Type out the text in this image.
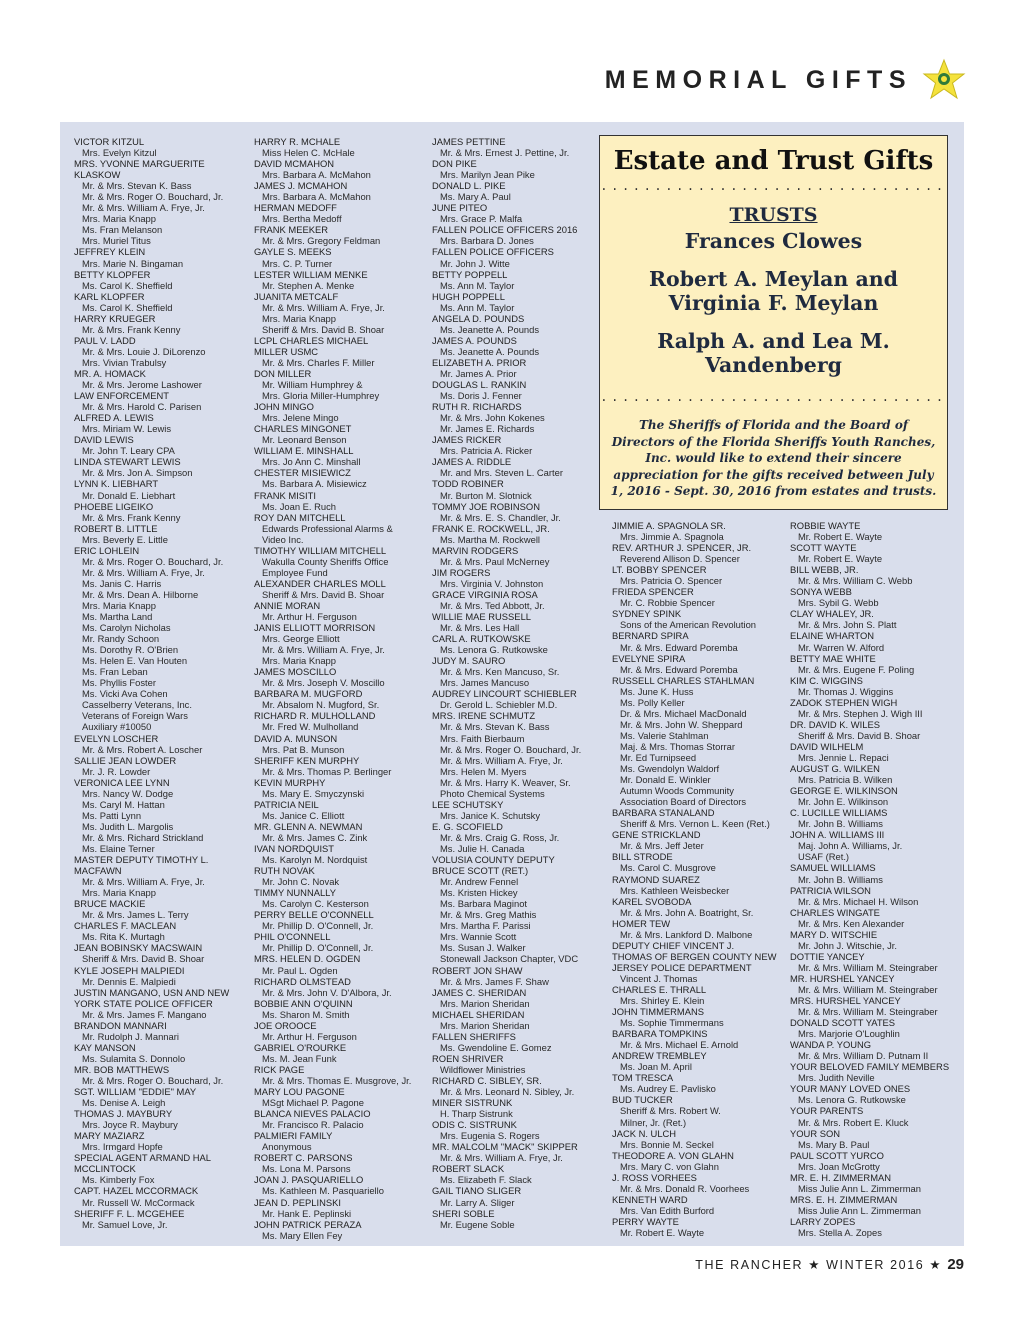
MEMORIAL GIFTS
VICTOR KITZUL
Mrs. Evelyn Kitzul
MRS. YVONNE MARGUERITE
KLASKOW
Mr. & Mrs. Stevan K. Bass
Mr. & Mrs. Roger O. Bouchard, Jr.
Mr. & Mrs. William A. Frye, Jr.
Mrs. Maria Knapp
Ms. Fran Melanson
Mrs. Muriel Titus
JEFFREY KLEIN
Mrs. Marie N. Bingaman
BETTY KLOPFER
Ms. Carol K. Sheffield
KARL KLOPFER
Ms. Carol K. Sheffield
HARRY KRUEGER
Mr. & Mrs. Frank Kenny
PAUL V. LADD
Mr. & Mrs. Louie J. DiLorenzo
Mrs. Vivian Trabulsy
MR. A. HOMACK
Mr. & Mrs. Jerome Lashower
LAW ENFORCEMENT
Mr. & Mrs. Harold C. Parisen
ALFRED A. LEWIS
Mrs. Miriam W. Lewis
DAVID LEWIS
Mr. John T. Leary CPA
LINDA STEWART LEWIS
Mr. & Mrs. Jon A. Simpson
LYNN K. LIEBHART
Mr. Donald E. Liebhart
PHOEBE LIGEIKO
Mr. & Mrs. Frank Kenny
ROBERT B. LITTLE
Mrs. Beverly E. Little
ERIC LOHLEIN
Mr. & Mrs. Roger O. Bouchard, Jr.
Mr. & Mrs. William A. Frye, Jr.
Ms. Janis C. Harris
Mr. & Mrs. Dean A. Hilborne
Mrs. Maria Knapp
Ms. Martha Land
Ms. Carolyn Nicholas
Mr. Randy Schoon
Ms. Dorothy R. O'Brien
Ms. Helen E. Van Houten
Ms. Fran Leban
Ms. Phyllis Foster
Ms. Vicki Ava Cohen
Casselberry Veterans, Inc.
Veterans of Foreign Wars
Auxiliary #10050
EVELYN LOSCHER
Mr. & Mrs. Robert A. Loscher
SALLIE JEAN LOWDER
Mr. J. R. Lowder
VERONICA LEE LYNN
Mrs. Nancy W. Dodge
Ms. Caryl M. Hattan
Ms. Patti Lynn
Ms. Judith L. Margolis
Mr. & Mrs. Richard Strickland
Ms. Elaine Terner
MASTER DEPUTY TIMOTHY L.
MACFAWN
Mr. & Mrs. William A. Frye, Jr.
Mrs. Maria Knapp
BRUCE MACKIE
Mr. & Mrs. James L. Terry
CHARLES F. MACLEAN
Ms. Rita K. Murtagh
JEAN BOBINSKY MACSWAIN
Sheriff & Mrs. David B. Shoar
KYLE JOSEPH MALPIEDI
Mr. Dennis E. Malpiedi
JUSTIN MANGANO, USN AND NEW
YORK STATE POLICE OFFICER
Mr. & Mrs. James F. Mangano
BRANDON MANNARI
Mr. Rudolph J. Mannari
KAY MANSON
Ms. Sulamita S. Donnolo
MR. BOB MATTHEWS
Mr. & Mrs. Roger O. Bouchard, Jr.
SGT. WILLIAM "EDDIE" MAY
Ms. Denise A. Leigh
THOMAS J. MAYBURY
Mrs. Joyce R. Maybury
MARY MAZIARZ
Mrs. Irmgard Hopfe
SPECIAL AGENT ARMAND HAL
MCCLINTOCK
Ms. Kimberly Fox
CAPT. HAZEL MCCORMACK
Mr. Russell W. McCormack
SHERIFF F. L. MCGEHEE
Mr. Samuel Love, Jr.
HARRY R. MCHALE
Miss Helen C. McHale
DAVID MCMAHON
Mrs. Barbara A. McMahon
JAMES J. MCMAHON
Mrs. Barbara A. McMahon
HERMAN MEDOFF
Mrs. Bertha Medoff
FRANK MEEKER
Mr. & Mrs. Gregory Feldman
GAYLE S. MEEKS
Mrs. C. P. Turner
LESTER WILLIAM MENKE
Mr. Stephen A. Menke
JUANITA METCALF
Mr. & Mrs. William A. Frye, Jr.
Mrs. Maria Knapp
Sheriff & Mrs. David B. Shoar
LCPL CHARLES MICHAEL
MILLER USMC
Mr. & Mrs. Charles F. Miller
DON MILLER
Mr. William Humphrey &
Mrs. Gloria Miller-Humphrey
JOHN MINGO
Mrs. Jelene Mingo
CHARLES MINGONET
Mr. Leonard Benson
WILLIAM E. MINSHALL
Mrs. Jo Ann C. Minshall
CHESTER MISIEWICZ
Ms. Barbara A. Misiewicz
FRANK MISITI
Ms. Joan E. Ruch
ROY DAN MITCHELL
Edwards Professional Alarms &
Video Inc.
TIMOTHY WILLIAM MITCHELL
Wakulla County Sheriffs Office
Employee Fund
ALEXANDER CHARLES MOLL
Sheriff & Mrs. David B. Shoar
ANNIE MORAN
Mr. Arthur H. Ferguson
JANIS ELLIOTT MORRISON
Mrs. George Elliott
Mr. & Mrs. William A. Frye, Jr.
Mrs. Maria Knapp
JAMES MOSCILLO
Mr. & Mrs. Joseph V. Moscillo
BARBARA M. MUGFORD
Mr. Absalom N. Mugford, Sr.
RICHARD R. MULHOLLAND
Mr. Fred W. Mulholland
DAVID A. MUNSON
Mrs. Pat B. Munson
SHERIFF KEN MURPHY
Mr. & Mrs. Thomas P. Berlinger
KEVIN MURPHY
Ms. Mary E. Smyczynski
PATRICIA NEIL
Ms. Janice C. Elliott
MR. GLENN A. NEWMAN
Mr. & Mrs. James C. Zink
IVAN NORDQUIST
Ms. Karolyn M. Nordquist
RUTH NOVAK
Mr. John C. Novak
TIMMY NUNNALLY
Ms. Carolyn C. Kesterson
PERRY BELLE O'CONNELL
Mr. Phillip D. O'Connell, Jr.
PHIL O'CONNELL
Mr. Phillip D. O'Connell, Jr.
MRS. HELEN D. OGDEN
Mr. Paul L. Ogden
RICHARD OLMSTEAD
Mr. & Mrs. John V. D'Albora, Jr.
BOBBIE ANN O'QUINN
Ms. Sharon M. Smith
JOE OROOCE
Mr. Arthur H. Ferguson
GABRIEL O'ROURKE
Ms. M. Jean Funk
RICK PAGE
Mr. & Mrs. Thomas E. Musgrove, Jr.
MARY LOU PAGONE
MSgt Michael P. Pagone
BLANCA NIEVES PALACIO
Mr. Francisco R. Palacio
PALMIERI FAMILY
Anonymous
ROBERT C. PARSONS
Ms. Lona M. Parsons
JOAN J. PASQUARIELLO
Ms. Kathleen M. Pasquariello
JEAN D. PEPLINSKI
Mr. Hank E. Peplinski
JOHN PATRICK PERAZA
Ms. Mary Ellen Fey
JAMES PETTINE
Mr. & Mrs. Ernest J. Pettine, Jr.
DON PIKE
Mrs. Marilyn Jean Pike
DONALD L. PIKE
Ms. Mary A. Paul
JUNE PITEO
Mrs. Grace P. Malfa
FALLEN POLICE OFFICERS 2016
Mrs. Barbara D. Jones
FALLEN POLICE OFFICERS
Mr. John J. Witte
BETTY POPPELL
Ms. Ann M. Taylor
HUGH POPPELL
Ms. Ann M. Taylor
ANGELA D. POUNDS
Ms. Jeanette A. Pounds
JAMES A. POUNDS
Ms. Jeanette A. Pounds
ELIZABETH A. PRIOR
Mr. James A. Prior
DOUGLAS L. RANKIN
Ms. Doris J. Fenner
RUTH R. RICHARDS
Mr. & Mrs. John Kokenes
Mr. James E. Richards
JAMES RICKER
Mrs. Patricia A. Ricker
JAMES A. RIDDLE
Mr. and Mrs. Steven L. Carter
TODD ROBINER
Mr. Burton M. Slotnick
TOMMY JOE ROBINSON
Mr. & Mrs. E. S. Chandler, Jr.
FRANK E. ROCKWELL, JR.
Ms. Martha M. Rockwell
MARVIN RODGERS
Mr. & Mrs. Paul McNerney
JIM ROGERS
Mrs. Virginia V. Johnston
GRACE VIRGINIA ROSA
Mr. & Mrs. Ted Abbott, Jr.
WILLIE MAE RUSSELL
Mr. & Mrs. Les Hall
CARL A. RUTKOWSKE
Ms. Lenora G. Rutkowske
JUDY M. SAURO
Mr. & Mrs. Ken Mancuso, Sr.
Mrs. James Mancuso
AUDREY LINCOURT SCHIEBLER
Dr. Gerold L. Schiebler M.D.
MRS. IRENE SCHMUTZ
Mr. & Mrs. Stevan K. Bass
Mrs. Faith Bierbaum
Mr. & Mrs. Roger O. Bouchard, Jr.
Mr. & Mrs. William A. Frye, Jr.
Mrs. Helen M. Myers
Mr. & Mrs. Harry K. Weaver, Sr.
Photo Chemical Systems
LEE SCHUTSKY
Mrs. Janice K. Schutsky
E. G. SCOFIELD
Mr. & Mrs. Craig G. Ross, Jr.
Ms. Julie H. Canada
VOLUSIA COUNTY DEPUTY
BRUCE SCOTT (RET.)
Mr. Andrew Fennel
Ms. Kristen Hickey
Ms. Barbara Maginot
Mr. & Mrs. Greg Mathis
Mrs. Martha F. Parissi
Mrs. Wannie Scott
Ms. Susan J. Walker
Stonewall Jackson Chapter, VDC
ROBERT JON SHAW
Mr. & Mrs. James F. Shaw
JAMES C. SHERIDAN
Mrs. Marion Sheridan
MICHAEL SHERIDAN
Mrs. Marion Sheridan
FALLEN SHERIFFS
Ms. Gwendoline E. Gomez
ROEN SHRIVER
Wildflower Ministries
RICHARD C. SIBLEY, SR.
Mr. & Mrs. Leonard N. Sibley, Jr.
MINER SISTRUNK
H. Tharp Sistrunk
ODIS C. SISTRUNK
Mrs. Eugenia S. Rogers
MR. MALCOLM "MACK" SKIPPER
Mr. & Mrs. William A. Frye, Jr.
ROBERT SLACK
Ms. Elizabeth F. Slack
GAIL TIANO SLIGER
Mr. Larry A. Sliger
SHERI SOBLE
Mr. Eugene Soble
Estate and Trust Gifts
................................
TRUSTS
Frances Clowes
Robert A. Meylan and Virginia F. Meylan
Ralph A. and Lea M. Vandenberg
................................
The Sheriffs of Florida and the Board of Directors of the Florida Sheriffs Youth Ranches, Inc. would like to extend their sincere appreciation for the gifts received between July 1, 2016 - Sept. 30, 2016 from estates and trusts.
JIMMIE A. SPAGNOLA SR.
Mrs. Jimmie A. Spagnola
REV. ARTHUR J. SPENCER, JR.
Reverend Allison D. Spencer
LT. BOBBY SPENCER
Mrs. Patricia O. Spencer
FRIEDA SPENCER
Mr. C. Robbie Spencer
SYDNEY SPINK
Sons of the American Revolution
BERNARD SPIRA
Mr. & Mrs. Edward Poremba
EVELYNE SPIRA
Mr. & Mrs. Edward Poremba
RUSSELL CHARLES STAHLMAN
Ms. June K. Huss
Ms. Polly Keller
Dr. & Mrs. Michael MacDonald
Mr. & Mrs. John W. Sheppard
Ms. Valerie Stahlman
Maj. & Mrs. Thomas Storrar
Mr. Ed Turnipseed
Ms. Gwendolyn Waldorf
Mr. Donald E. Winkler
Autumn Woods Community
Association Board of Directors
BARBARA STANALAND
Sheriff & Mrs. Vernon L. Keen (Ret.)
GENE STRICKLAND
Mr. & Mrs. Jeff Jeter
BILL STRODE
Ms. Carol C. Musgrove
RAYMOND SUAREZ
Mrs. Kathleen Weisbecker
KAREL SVOBODA
Mr. & Mrs. John A. Boatright, Sr.
HOMER TEW
Mr. & Mrs. Lankford D. Malbone
DEPUTY CHIEF VINCENT J.
THOMAS OF BERGEN COUNTY NEW
JERSEY POLICE DEPARTMENT
Vincent J. Thomas
CHARLES E. THRALL
Mrs. Shirley E. Klein
JOHN TIMMERMANS
Ms. Sophie Timmermans
BARBARA TOMPKINS
Mr. & Mrs. Michael E. Arnold
ANDREW TREMBLEY
Ms. Joan M. April
TOM TRESCA
Ms. Audrey E. Pavlisko
BUD TUCKER
Sheriff & Mrs. Robert W.
Milner, Jr. (Ret.)
JACK N. ULCH
Mrs. Bonnie M. Seckel
THEODORE A. VON GLAHN
Mrs. Mary C. von Glahn
J. ROSS VORHEES
Mr. & Mrs. Donald R. Voorhees
KENNETH WARD
Mrs. Van Edith Burford
PERRY WAYTE
Mr. Robert E. Wayte
ROBBIE WAYTE
Mr. Robert E. Wayte
SCOTT WAYTE
Mr. Robert E. Wayte
BILL WEBB, JR.
Mr. & Mrs. William C. Webb
SONYA WEBB
Mrs. Sybil G. Webb
CLAY WHALEY, JR.
Mr. & Mrs. John S. Platt
ELAINE WHARTON
Mr. Warren W. Alford
BETTY MAE WHITE
Mr. & Mrs. Eugene F. Poling
KIM C. WIGGINS
Mr. Thomas J. Wiggins
ZADOK STEPHEN WIGH
Mr. & Mrs. Stephen J. Wigh III
DR. DAVID K. WILES
Sheriff & Mrs. David B. Shoar
DAVID WILHELM
Mrs. Jennie L. Repaci
AUGUST G. WILKEN
Mrs. Patricia B. Wilken
GEORGE E. WILKINSON
Mr. John E. Wilkinson
C. LUCILLE WILLIAMS
Mr. John B. Williams
JOHN A. WILLIAMS III
Maj. John A. Williams, Jr.
USAF (Ret.)
SAMUEL WILLIAMS
Mr. John B. Williams
PATRICIA WILSON
Mr. & Mrs. Michael H. Wilson
CHARLES WINGATE
Mr. & Mrs. Ken Alexander
MARY D. WITSCHIE
Mr. John J. Witschie, Jr.
DOTTIE YANCEY
Mr. & Mrs. William M. Steingraber
MR. HURSHEL YANCEY
Mr. & Mrs. William M. Steingraber
MRS. HURSHEL YANCEY
Mr. & Mrs. William M. Steingraber
DONALD SCOTT YATES
Mrs. Marjorie O'Loughlin
WANDA P. YOUNG
Mr. & Mrs. William D. Putnam II
YOUR BELOVED FAMILY MEMBERS
Mrs. Judith Neville
YOUR MANY LOVED ONES
Ms. Lenora G. Rutkowske
YOUR PARENTS
Mr. & Mrs. Robert E. Kluck
YOUR SON
Ms. Mary B. Paul
PAUL SCOTT YURCO
Mrs. Joan McGrotty
MR. E. H. ZIMMERMAN
Miss Julie Ann L. Zimmerman
MRS. E. H. ZIMMERMAN
Miss Julie Ann L. Zimmerman
LARRY ZOPES
Mrs. Stella A. Zopes
THE RANCHER ★ WINTER 2016 ★ 29
